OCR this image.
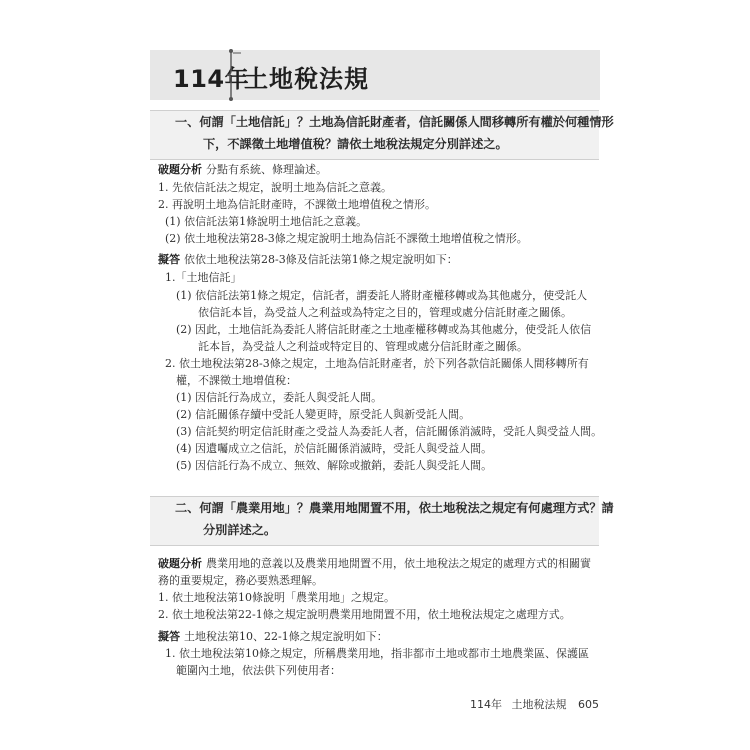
114年
土地稅法規
一、何謂「土地信託」？土地為信託財產者，信託關係人間移轉所有權於何種情形
下，不課徵土地增值稅？請依土地稅法規定分別詳述之。
破題分析 分點有系統、條理論述。
1. 先依信託法之規定，說明土地為信託之意義。
2. 再說明土地為信託財產時，不課徵土地增值稅之情形。
(1) 依信託法第1條說明土地信託之意義。
(2) 依土地稅法第28-3條之規定說明土地為信託不課徵土地增值稅之情形。
擬答 依依土地稅法第28-3條及信託法第1條之規定說明如下：
1.「土地信託」
(1) 依信託法第1條之規定，信託者，謂委託人將財產權移轉或為其他處分，使受託人
依信託本旨，為受益人之利益或為特定之目的，管理或處分信託財產之關係。
(2) 因此，土地信託為委託人將信託財產之土地產權移轉或為其他處分，使受託人依信
託本旨，為受益人之利益或特定目的、管理或處分信託財產之關係。
2. 依土地稅法第28-3條之規定，土地為信託財產者，於下列各款信託關係人間移轉所有
權，不課徵土地增值稅：
(1) 因信託行為成立，委託人與受託人間。
(2) 信託關係存續中受託人變更時，原受託人與新受託人間。
(3) 信託契約明定信託財產之受益人為委託人者，信託關係消滅時，受託人與受益人間。
(4) 因遺囑成立之信託，於信託關係消滅時，受託人與受益人間。
(5) 因信託行為不成立、無效、解除或撤銷，委託人與受託人間。
二、何謂「農業用地」？農業用地閒置不用，依土地稅法之規定有何處理方式？請
分別詳述之。
破題分析 農業用地的意義以及農業用地閒置不用，依土地稅法之規定的處理方式的相關實
務的重要規定，務必要熟悉理解。
1. 依土地稅法第10條說明「農業用地」之規定。
2. 依土地稅法第22-1條之規定說明農業用地閒置不用，依土地稅法規定之處理方式。
擬答 土地稅法第10、22-1條之規定說明如下：
1. 依土地稅法第10條之規定，所稱農業用地，指非都市土地或都市土地農業區、保護區
範圍內土地，依法供下列使用者：
114年 土地稅法規 605
